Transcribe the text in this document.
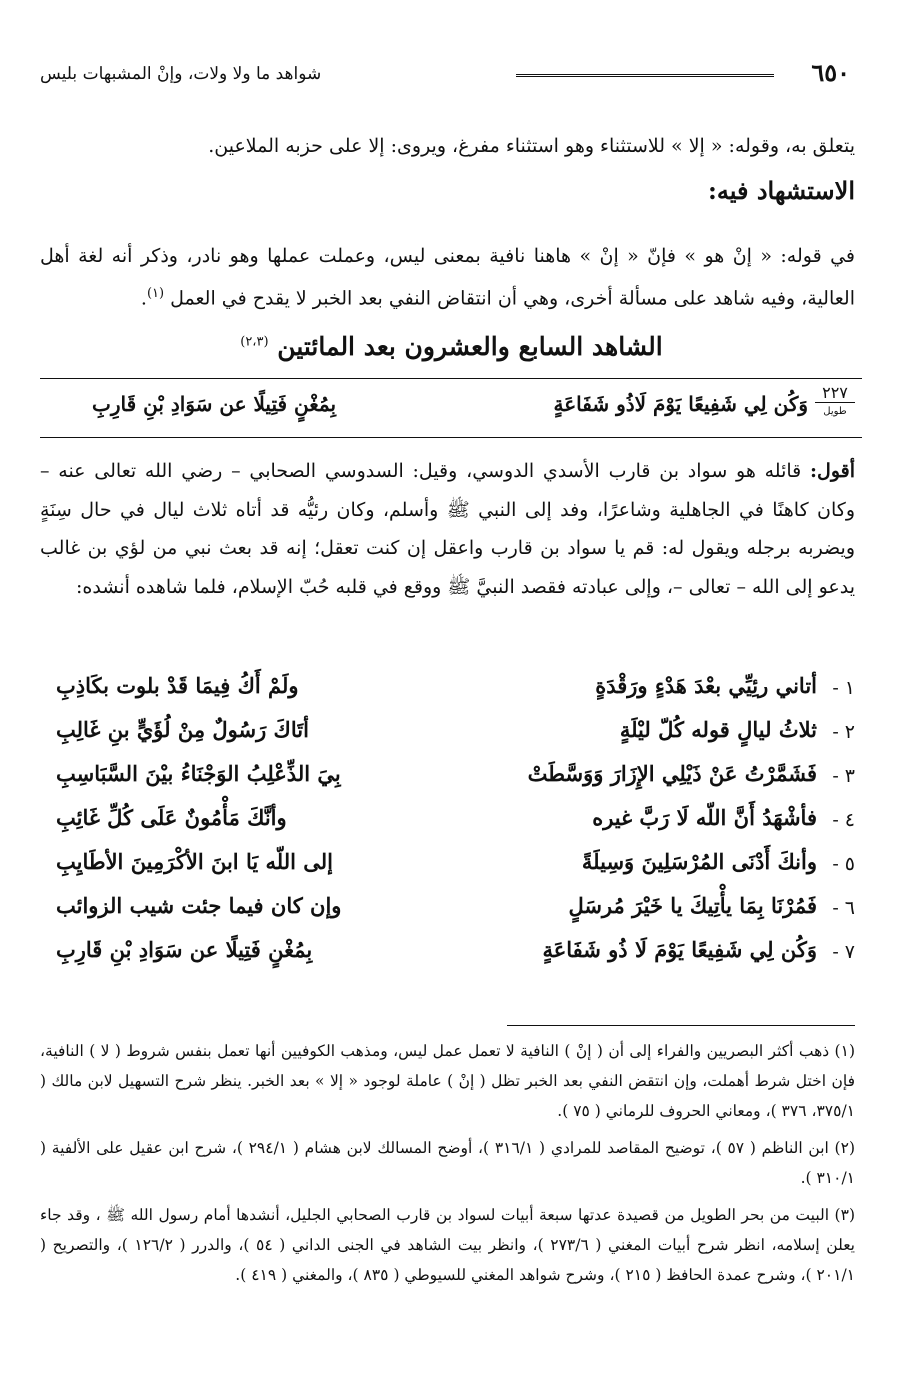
٦٥٠
شواهد ما ولا ولات، وإنْ المشبهات بليس
يتعلق به، وقوله: « إلا » للاستثناء وهو استثناء مفرغ، ويروى: إلا على حزبه الملاعين.
الاستشهاد فيه:
في قوله: « إنْ هو » فإنّ « إنْ » هاهنا نافية بمعنى ليس، وعملت عملها وهو نادر، وذكر أنه لغة أهل العالية، وفيه شاهد على مسألة أخرى، وهي أن انتقاض النفي بعد الخبر لا يقدح في العمل $^{(١)}$.
الشاهد السابع والعشرون بعد المائتين $^{(٢،٣)}$
٢٢٧
طويل
وَكُن لِي شَفِيعًا يَوْمَ لَاذُو شَفَاعَةٍ
بِمُغْنٍ فَتِيلًا عن سَوَادِ بْنِ قَارِبِ
أقول: قائله هو سواد بن قارب الأسدي الدوسي، وقيل: السدوسي الصحابي – رضي الله تعالى عنه – وكان كاهنًا في الجاهلية وشاعرًا، وفد إلى النبي ﷺ وأسلم، وكان رئيُّه قد أتاه ثلاث ليال في حال سِنَةٍ ويضربه برجله ويقول له: قم يا سواد بن قارب واعقل إن كنت تعقل؛ إنه قد بعث نبي من لؤي بن غالب يدعو إلى الله – تعالى –، وإلى عبادته فقصد النبيَّ ﷺ ووقع في قلبه حُبّ الإسلام، فلما شاهده أنشده:
١ -
أتاني رئِيِّي بعْدَ هَدْءٍ ورَقْدَةٍ
ولَمْ أَكُ فِيمَا قَدْ بلوت بكَاذِبِ
٢ -
ثلاثُ ليالٍ قوله كُلّ ليْلَةٍ
أتَاكَ رَسُولٌ مِنْ لُؤَيٍّ بنِ غَالِبِ
٣ -
فَشَمَّرْتُ عَنْ ذَيْلِي الإِزَارَ وَوَسَّطَتْ
بِيَ الذِّعْلِبُ الوَجْنَاءُ بيْنَ السَّبَاسِبِ
٤ -
فأشْهَدُ أَنَّ اللّه لَا رَبَّ غيره
وأنَّكَ مَأْمُونٌ عَلَى كُلِّ غَائِبِ
٥ -
وأنكَ أَدْنَى المُرْسَلِينَ وَسِيلَةً
إلى اللّه يَا ابنَ الأكْرَمِينَ الأطَايِبِ
٦ -
فَمُرْنَا بِمَا يأْتِيكَ يا خَيْرَ مُرسَلٍ
وإن كان فيما جئت شيب الزوائب
٧ -
وَكُن لِي شَفِيعًا يَوْمَ لَا ذُو شَفَاعَةٍ
بِمُغْنٍ فَتِيلًا عن سَوَادِ بْنِ قَارِبِ
(١) ذهب أكثر البصريين والفراء إلى أن ( إنْ ) النافية لا تعمل عمل ليس، ومذهب الكوفيين أنها تعمل بنفس شروط ( لا ) النافية، فإن اختل شرط أهملت، وإن انتقض النفي بعد الخبر تظل ( إنْ ) عاملة لوجود « إلا » بعد الخبر. ينظر شرح التسهيل لابن مالك ( ٣٧٥/١، ٣٧٦ )، ومعاني الحروف للرماني ( ٧٥ ).
(٢) ابن الناظم ( ٥٧ )، توضيح المقاصد للمرادي ( ٣١٦/١ )، أوضح المسالك لابن هشام ( ٢٩٤/١ )، شرح ابن عقيل على الألفية ( ٣١٠/١ ).
(٣) البيت من بحر الطويل من قصيدة عدتها سبعة أبيات لسواد بن قارب الصحابي الجليل، أنشدها أمام رسول الله ﷺ ، وقد جاء يعلن إسلامه، انظر شرح أبيات المغني ( ٢٧٣/٦ )، وانظر بيت الشاهد في الجنى الداني ( ٥٤ )، والدرر ( ١٢٦/٢ )، والتصريح ( ٢٠١/١ )، وشرح عمدة الحافظ ( ٢١٥ )، وشرح شواهد المغني للسيوطي ( ٨٣٥ )، والمغني ( ٤١٩ ).
